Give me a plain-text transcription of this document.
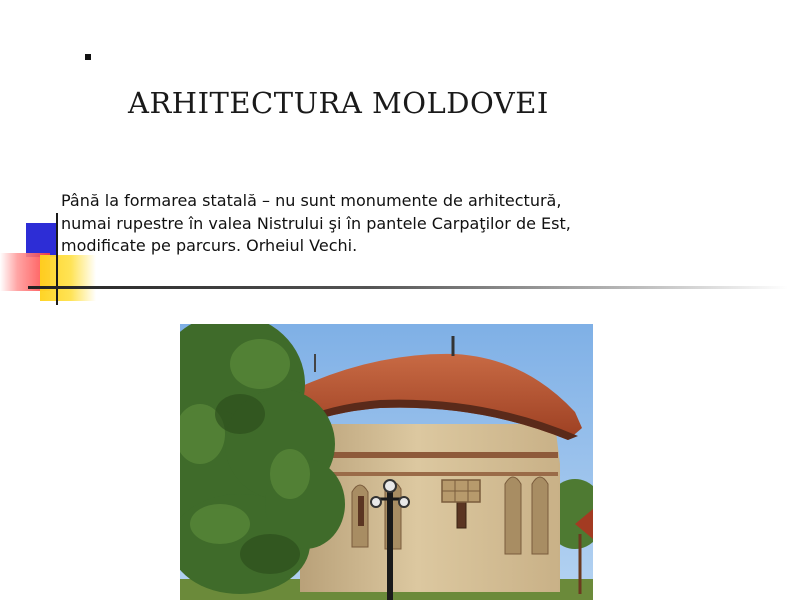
ARHITECTURA MOLDOVEI
Până la formarea statală – nu sunt monumente de arhitectură,
numai rupestre în valea Nistrului şi în pantele Carpaţilor de Est,
modificate pe parcurs. Orheiul Vechi.
